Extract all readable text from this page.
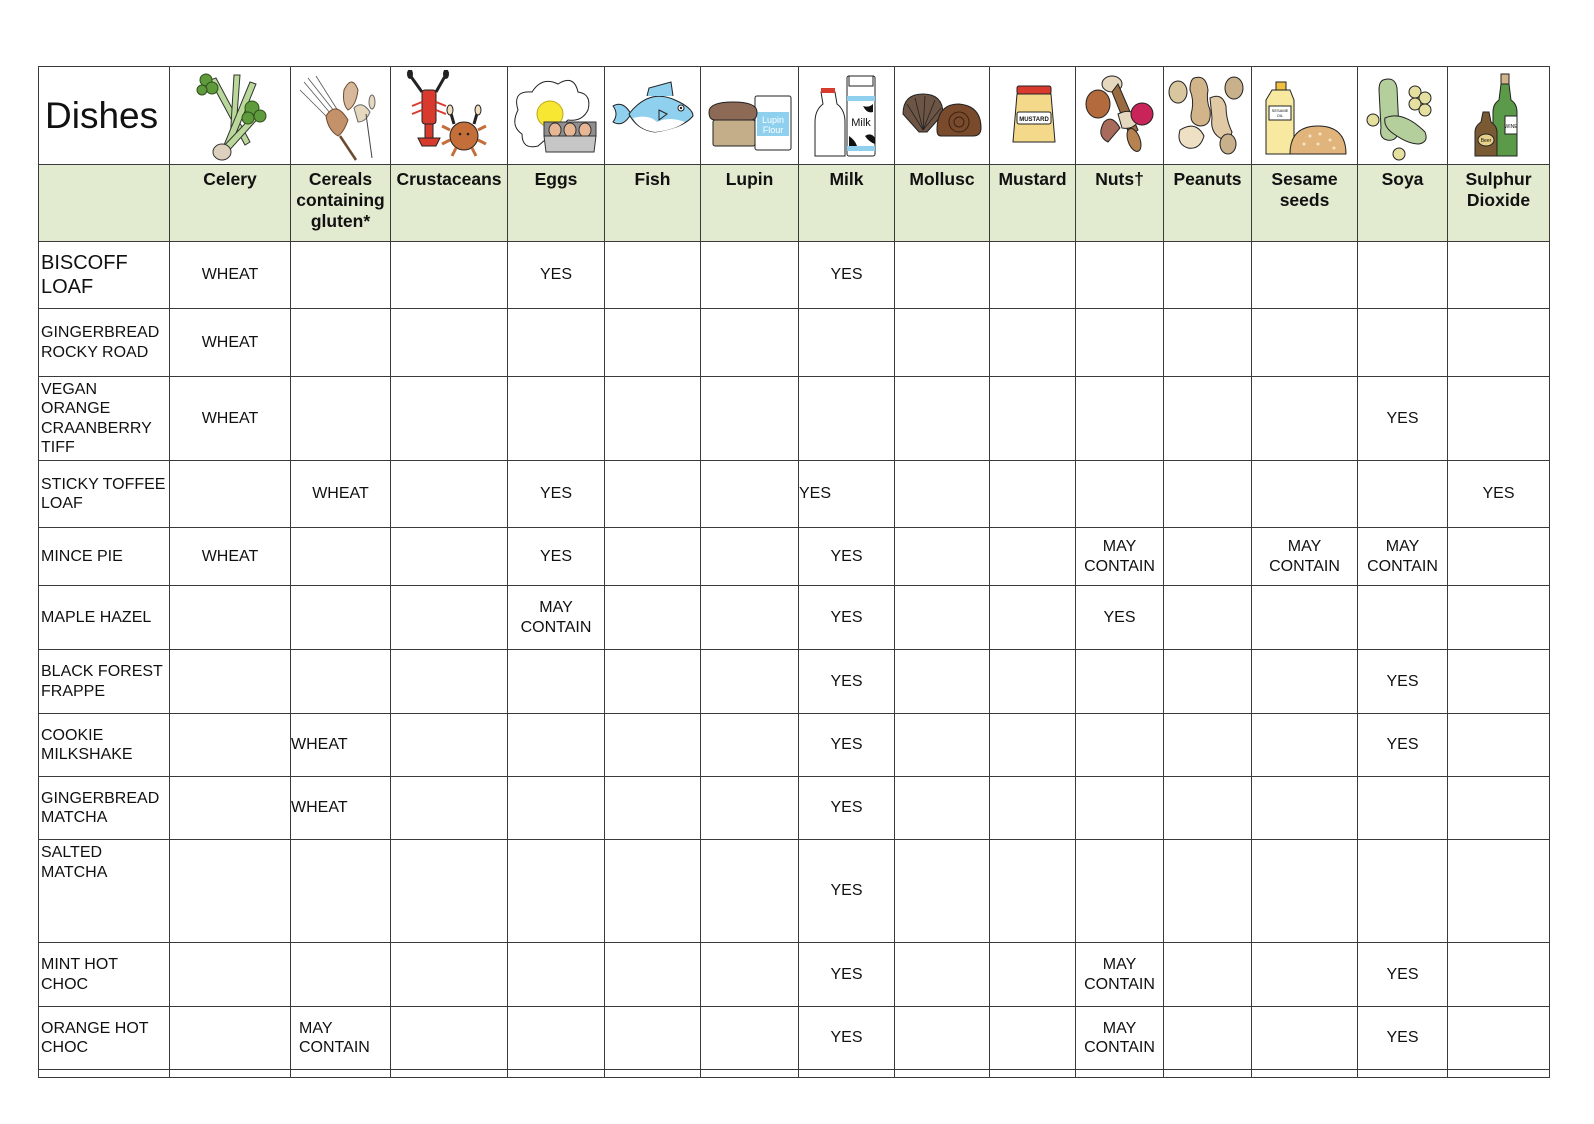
Dishes						Lupin
Flour	Milk		MUSTARD			SESAME
OIL		WINE
Beer

	Celery	Cereals containing gluten*	Crustaceans	Eggs	Fish	Lupin	Milk	Mollusc	Mustard	Nuts†	Peanuts	Sesame seeds	Soya	Sulphur Dioxide
BISCOFF LOAF	WHEAT			YES			YES							
GINGERBREAD ROCKY ROAD	WHEAT													
VEGAN ORANGE CRAANBERRY TIFF	WHEAT												YES	
STICKY TOFFEE LOAF		WHEAT		YES			YES							YES
MINCE PIE	WHEAT			YES			YES			MAY CONTAIN		MAY CONTAIN	MAY CONTAIN	
MAPLE HAZEL				MAY CONTAIN			YES			YES				
BLACK FOREST FRAPPE							YES						YES	
COOKIE MILKSHAKE		WHEAT					YES						YES	
GINGERBREAD MATCHA		WHEAT					YES							
SALTED MATCHA							YES							
MINT HOT CHOC							YES			MAY CONTAIN			YES	
ORANGE HOT CHOC		MAY CONTAIN					YES			MAY CONTAIN			YES	
